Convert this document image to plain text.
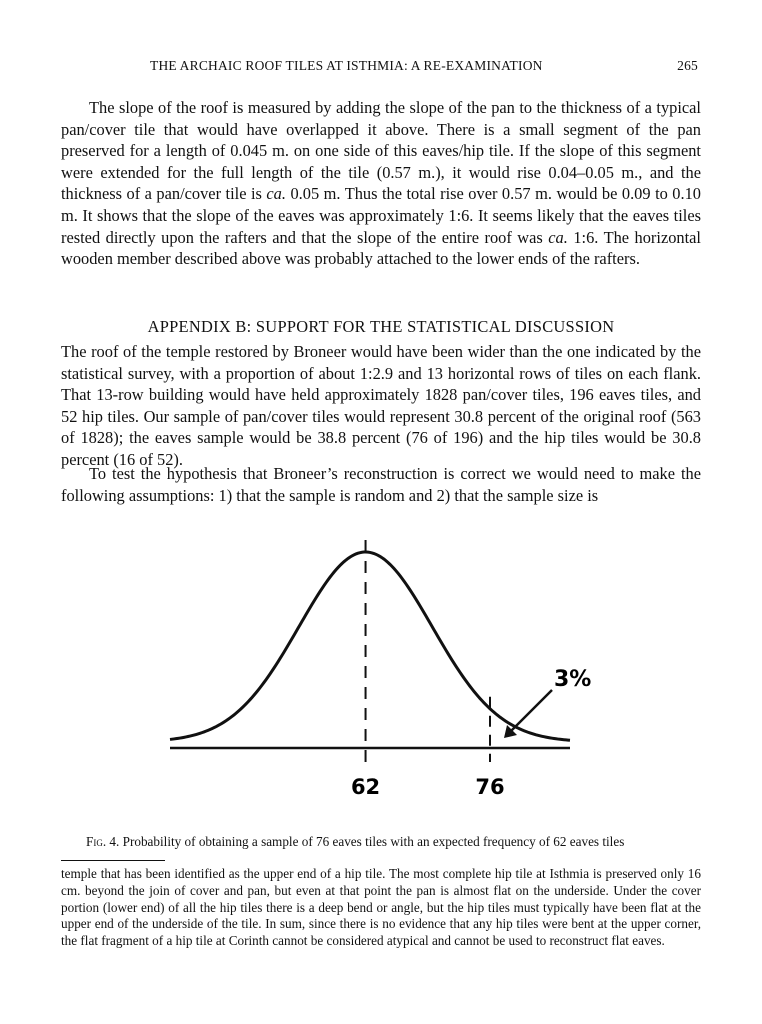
THE ARCHAIC ROOF TILES AT ISTHMIA: A RE-EXAMINATION	265

The slope of the roof is measured by adding the slope of the pan to the thickness of a typical pan/cover tile that would have overlapped it above. There is a small segment of the pan preserved for a length of 0.045 m. on one side of this eaves/hip tile. If the slope of this segment were extended for the full length of the tile (0.57 m.), it would rise 0.04–0.05 m., and the thickness of a pan/cover tile is ca. 0.05 m. Thus the total rise over 0.57 m. would be 0.09 to 0.10 m. It shows that the slope of the eaves was approximately 1:6. It seems likely that the eaves tiles rested directly upon the rafters and that the slope of the entire roof was ca. 1:6. The horizontal wooden member described above was probably attached to the lower ends of the rafters.

APPENDIX B: SUPPORT FOR THE STATISTICAL DISCUSSION

The roof of the temple restored by Broneer would have been wider than the one indicated by the statistical survey, with a proportion of about 1:2.9 and 13 horizontal rows of tiles on each flank. That 13-row building would have held approximately 1828 pan/cover tiles, 196 eaves tiles, and 52 hip tiles. Our sample of pan/cover tiles would represent 30.8 percent of the original roof (563 of 1828); the eaves sample would be 38.8 percent (76 of 196) and the hip tiles would be 30.8 percent (16 of 52).

To test the hypothesis that Broneer’s reconstruction is correct we would need to make the following assumptions: 1) that the sample is random and 2) that the sample size is

62	76
3%

Fig. 4. Probability of obtaining a sample of 76 eaves tiles with an expected frequency of 62 eaves tiles

temple that has been identified as the upper end of a hip tile. The most complete hip tile at Isthmia is preserved only 16 cm. beyond the join of cover and pan, but even at that point the pan is almost flat on the underside. Under the cover portion (lower end) of all the hip tiles there is a deep bend or angle, but the hip tiles must typically have been flat at the upper end of the underside of the tile. In sum, since there is no evidence that any hip tiles were bent at the upper corner, the flat fragment of a hip tile at Corinth cannot be considered atypical and cannot be used to reconstruct flat eaves.
